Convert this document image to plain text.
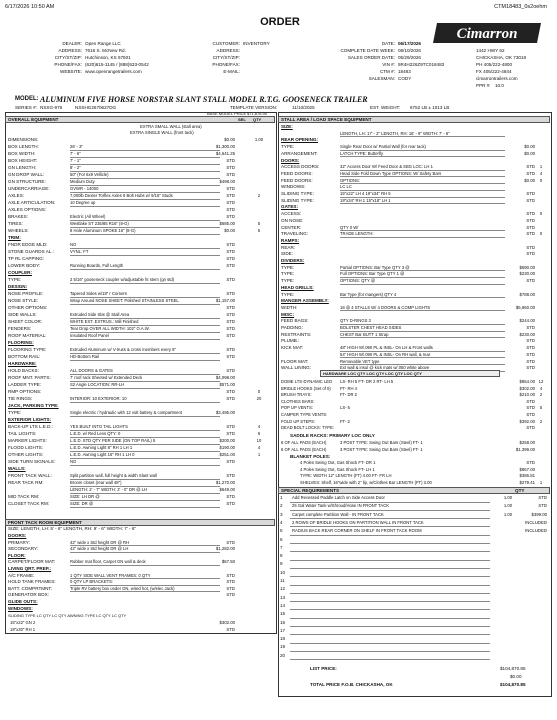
6/17/2026 10:50 AM	CTM18483_0s2oehm
ORDER
Cimarron
DEALER: Open Range LLC
ADDRESS: 7616 S. McNew Rd.
CITY/ST/ZIP: Hutchinson, KS 67501
PHONE/FAX: (620)615-1145 / (888)533-0542
WEBSITE: www.openrangetrailers.com
CUSTOMER: INVENTORY
ADDRESS:
CITY/ST/ZIP:
PHONE/FAX:
E-MAIL:
DATE: 06/17/2026
COMPLETE DATE WEEK: 08/10/2026
SALES ORDER DATE: 05/29/2026
VIN #: 5R4H226Z9TC018483
CTM #: 18483
SALESMAN: CODY
1442 HWY 62
CHICKASHA, OK 73018
PH 405/222-4800
FX 405/222-4844
cimarrontrailers.com
PPR #: 10.0
MODEL: ALUMINUM FIVE HORSE NORSTAR SLANT STALL MODEL R.T.G. GOOSENECK TRAILER
SERIES #: NSSG-976	NSSHG2670627DG	TEMPLATE VERSION:	11/10/2025	EST. WEIGHT: 6752 LB ± 1013 LB
OVERALL EQUIPMENT
BASE MODEL PRICE $71,876.00
SEL QTY
EXTRA SMALL WALL (stall area)
EXTRA SINGLE WALL (front tack)
DIMENSIONS:	$0.00	1.00
BOX LENGTH:	26' - 3"	$1,300.00
BOX WIDTH:	7' - 6"	$4,641.25
BOX HEIGHT:	7' - 1"	STD
GN LENGTH:	8' - 2"	STD
GN DROP WALL:	50" (For 6x9 Vellicle)	STD
GN STRUCTURE:	Medium Duty	$498.00
UNDERCARRIAGE:	GVWR - 14000	STD
AXLES:	7,000lb Dexter Torflex Axles 8 Bolt Hubs w/ 9/16" Studs	STD	2
AXLE ARTICULATION:	10 Degree up	STD
AXLES OPTIONS:	STD
BRAKES:	Electric (All Wheel)	STD
TIRES:	Westlake ST 235/85 R16" (8-G)	$685.00	5
WHEELS:	8 Hole Aluminum SPOKE 16" (8-G)	$0.00	5
TRIM:
FNDR EDGE MLD:	NO	STD
STONE GUARDS AL.:	VYNL: FT	STD
TP RL CAPPING:	STD
LOWER BODY:	Running Boards, Full Length	STD
COUPLER:
TYPE:	2 5/16" gooseneck coupler w/adjustable ht stem (gn std)	STD
DESIGN:
NOSE PROFILE:	Tapered Sides w/18" r Corners	STD
NOSE STYLE:	Wrap Around NOSE SHEET: Polished STAINLESS STEEL	$1,157.00
OTHER OPTIONS:	STD
SIDE WALLS:	Extruded Side Slat @ Stall Area	STD
SHEET COLOR:	WHITE EXT. EXTRUS.: Mill Finished	STD
FENDERS:	Tear Drop OVER ALL WIDTH: 102" O.A.W.	STD
ROOF MATERIAL:	Insulated Roof Panel	STD
FLOORING:
FLOORING TYPE:	Extruded Aluminum w/ V-truss & cross members every 6"	STD
BOTTOM RAIL:	HD-Bottom Rail	STD
HARDWARE:
HOLD BACKS:	ALL DOORS & GATES	STD
ROOF MNT. PARTS:	7' roof rack Sheeted w/ Extended Deck	$4,098.00
LADDER TYPE:	S2 Angle LOCATION: RR-LH	$571.00
RMP OPTIONS:	STD	0
TIE RINGS:	INTERIOR: 10 EXTERIOR: 10	STD	20
JACK, PARKING TYPE:
TYPE:	Single electric / hydraulic with 12 volt battery & compartment	$3,495.00
EXTERIOR LIGHTS:
BACK-UP LTS L.E.D.:	YES BUILT INTO TAIL LIGHTS	STD	4
TAIL LIGHTS:	L.E.D. w/ Red Lens QTY: 0	STD	6
MARKER LIGHTS:	L.E.D. STD QTY PER SIDE (ON TOP RAIL) 5	$200.00	10
FLOOD LIGHTS:	L.E.D. Awning Light 8" RH 1 LH 1	$190.00	4
OTHER LIGHTS:	L.E.D. Awning Light 16" RH 1 LH 0	$251.00	1
SIDE TURN SIGNALS:	NO	STD
WALLS:
FRONT TACK WALL:	Split partition wall, full height & width Slant wall	STD
REAR TACK RM:	Broom closet (rear wall 48")	$1,270.00
LENGTH: 2' - 7" WIDTH: 2' - 0" DR @ LH	$649.00
MID TACK RM:	SIZE: LH DR @	STD
CLOSET TACK RM:	SIZE: DR @	STD
FRONT TACK ROOM EQUIPMENT
SIZE: LENGTH, LH: 5' - 6" LENGTH, RH: 9' - 6" WIDTH: 7' - 6"
DOORS:
PRIMARY:	42" wide x Std height DR @ RH	STD
SECONDARY:	42" wide x Std height DR @ LH	$1,282.00
FLOOR:
CARPET/FLOOR MAT:	Rubber mat floor, Carpet GN wall & deck	$67.50
LIVING QRT. PREP.:
A/C FRAME:	1 QTY SIDE WALL VENT FRAMES: 0 QTY	STD
HOLD TANK FRAMES:	0 QTY LP BRACKETS:	STD
BATT. COMPRTMNT:	Triple RV battery box under GN, wired hot, (w/elec Jack)	STD
GENERATOR BOX:	STD
GLIDE OUTS:
WINDOWS:
SLIDING TYPE LC QTY LC QTY AWNING TYPE LC QTY LC QTY
15"x22" GN 2	$302.00
19"x30" RH 1	STD
STALL AREA / LOAD SPACE EQUIPMENT
SIZE:
LENGTH, LH: 17' - 2" LENGTH, RH: 16' - 9" WIDTH: 7' - 6"
REAR OPENING:
TYPE:	Single Rear Door w/ Partial Wall (for rear tack)	$0.00
ARRANGEMENT:	LATCH TYPE: Butterfly	$0.00
DOORS:
ACCESS DOORS:	32" Access Door W/ Feed Door & SBG LOC: LH 1	STD	1
FEED DOORS:	Head Side Fold Down Type OPTIONS: W/ Safety Bars	STD	4
FEED DOORS:	OPTIONS:	$0.00	0
WINDOWS:	LC LC
SLIDING TYPE:	15"x22" LH 4 19"x34" RH 5	STD
SLIDING TYPE:	19"x34" RH 1 15"x18" LH 1	STD
GATES:
ACCESS:	STD	0
ON NOSE:	STD
CENTER:	QTY 0 W/	STD
TRAVELING:	TRADE LENGTH:	STD	0
RAMPS:
REAR:	STD
SIDE:	STD
DIVIDERS:
TYPE:	Partial OPTIONS: Bar Type QTY 3 @	$690.00
TYPE:	Full OPTIONS: Bar Type QTY 1 @	$230.00
TYPE:	OPTIONS: QTY @	STD
HEAD GRILLS:
TYPE:	Bar Type (for mangers) QTY 4	$788.00
MANGER ASSEMBLY:
WIDTH:	18 @ 4 STALLS W/ 4 DOORS & COMP LIGHTS	$5,960.00
MISC:
FEED BAGS:	QTY D-RINGS 3	$244.00
PADDING:	BOLSTER CHEST HEAD SIDES	STD
RESTRAINTS:	CHEST Bar BUTT 1 Strap	$230.00
PLUMB.:	STD
KICK MAT:	48" HIGH W/.090 PL & INSL- On LH & Front walls	STD
54" HIGH W/.090 PL & INSL- On RH wall, & rear	STD
FLOOR MAT:	Removable VET type	STD
WALL LINING:	Ext wall & insul @ kick mats w/.050 white above	STD
HARDWARE LOC QTY LOC QTY LOC QTY LOC QTY
DOME LTS-DYNAMIC LED	LS- RH 5 FT- DR 2 RT- LH 5	$854.00 12
BRIDLE HOOKS (Set of 6)	FT- RH 4	$302.00	4
BRUSH TRAYS:	FT- DR 2	$210.00	2
CLOTHES BARS:	STD
POP UP VENTS:	LS- 5	STD	5
CAMPER TYPE VENTS:	STD
FOLD UP STEPS:	FT- 2	$392.00	2
DEAD BOLT LOCKS: TYPE:	STD
SADDLE RACKS: PRIMARY LOC ONLY
6 OF ALL PADS (EACH)	3 POST TYPE: Swing Out Bars (Steel) FT- 1	$258.00
6 OF ALL PADS (EACH)	3 POST TYPE: Swing Out Bars (Steel) FT- 1	$1,399.00
BLANKET POLES:
4 Poles Swing Out, Gas Shock FT- DR 1	STD
4 Poles Swing Out, Gas Shock FT- LH 1	$867.00
TYPE: WIDTH 12" LENGTH (FT) 4.00 FT- FR LH	$386.81
SHELVES: Shelf, 16"wide with 2" lip, w/Clothes Bar LENGTH (FT) 3.00	$279.41	1
SPECIAL REQUIREMENTS	QTY
1	Add Recessed Paddle Latch on Side Access Door	1.00	STD
2	25 Gal Water Tank w/Shroud/Hose IN FRONT TACK	1.00	STD
3	Carpet complete Partition Wall - IN FRONT TACK	1.00	$399.00
4	2 ROWS OF BRIDLE HOOKS ON PARTITION WALL IN FRONT TACK	INCLUDED
5	RADIUS BACK REAR CORNER ON SHELF IN FRONT TACK ROOM	INCLUDED
6
7
8
9
10
11
12
13
14
15
16
17
18
19
20
LIST PRICE:	$104,870.85
$0.00
TOTAL PRICE F.O.B. CHICKASHA, OK	$104,870.85
